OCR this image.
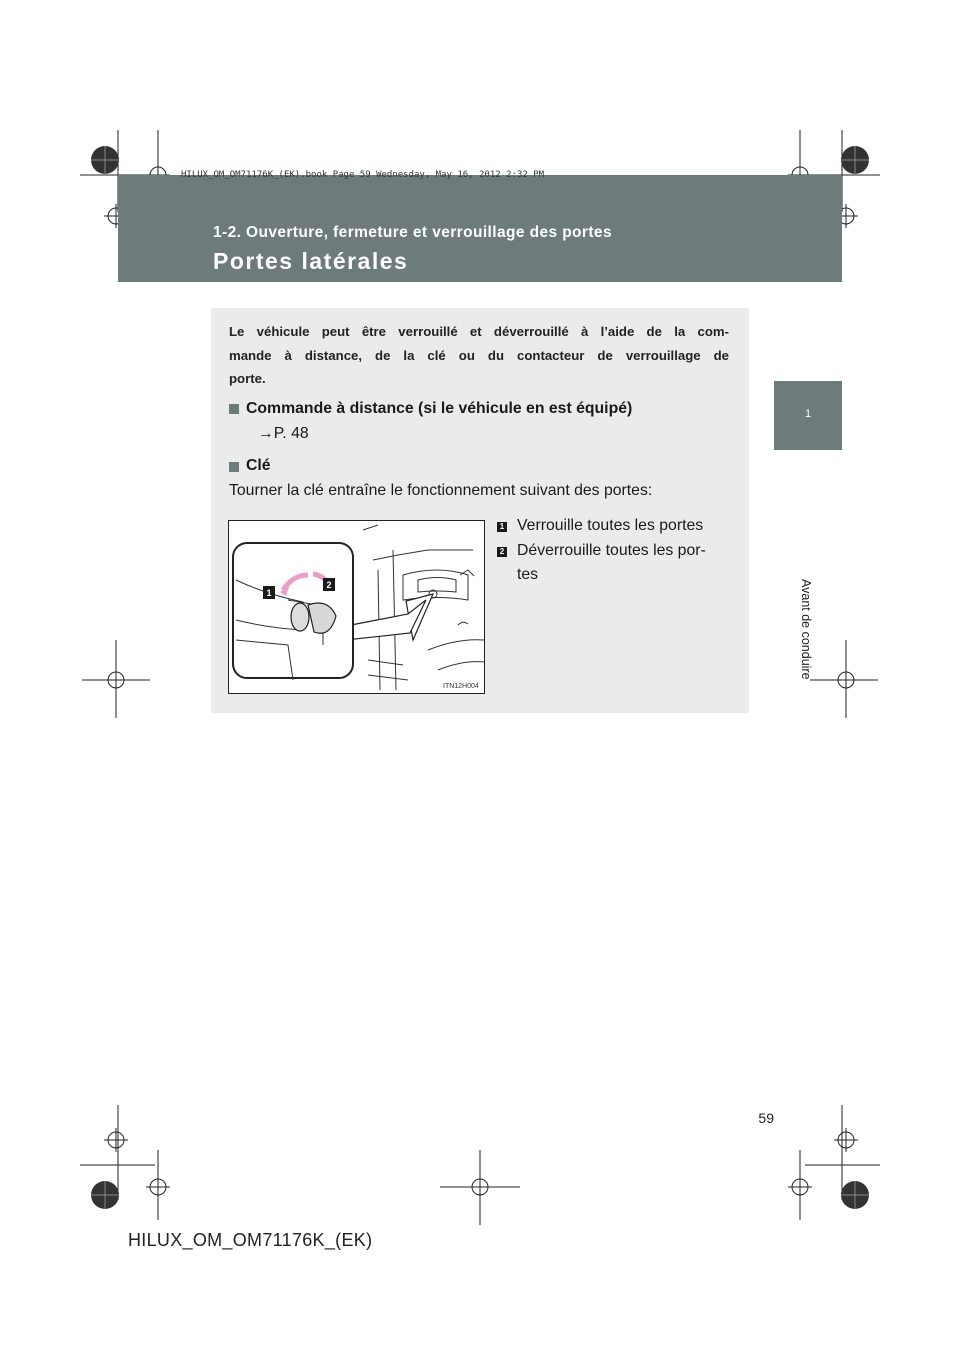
HILUX_OM_OM71176K_(EK).book Page 59 Wednesday, May 16, 2012 2:32 PM
1-2. Ouverture, fermeture et verrouillage des portes
Portes latérales
1
Avant de conduire
Le véhicule peut être verrouillé et déverrouillé à l’aide de la com-
mande à distance, de la clé ou du contacteur de verrouillage de
porte.
Commande à distance (si le véhicule en est équipé)
→P. 48
Clé
Tourner la clé entraîne le fonctionnement suivant des portes:
1 Verrouille toutes les portes
2 Déverrouille toutes les por-
tes
1
2
ITN12H004
59
HILUX_OM_OM71176K_(EK)
